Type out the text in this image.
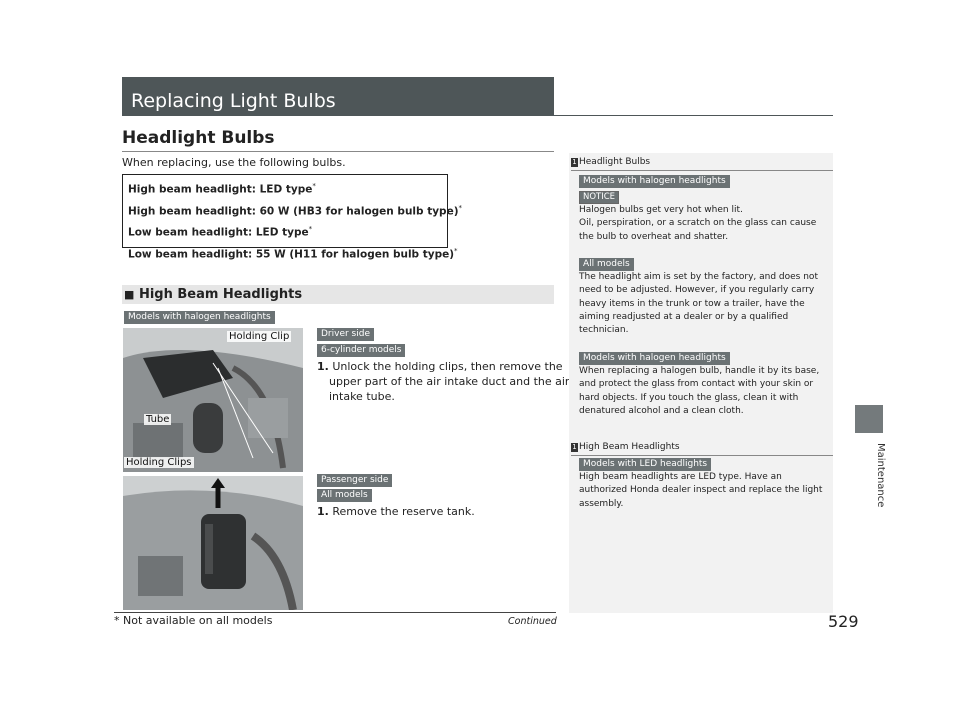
Replacing Light Bulbs
Headlight Bulbs
When replacing, use the following bulbs.
High beam headlight: LED type*
High beam headlight: 60 W (HB3 for halogen bulb type)*
Low beam headlight: LED type*
Low beam headlight: 55 W (H11 for halogen bulb type)*
■ High Beam Headlights
Models with halogen headlights
Holding Clip
Tube
Holding Clips
Driver side
6-cylinder models
1. Unlock the holding clips, then remove the
upper part of the air intake duct and the air
intake tube.
Passenger side
All models
1. Remove the reserve tank.
1 Headlight Bulbs
Models with halogen headlights
NOTICE
Halogen bulbs get very hot when lit.
Oil, perspiration, or a scratch on the glass can cause
the bulb to overheat and shatter.
All models
The headlight aim is set by the factory, and does not
need to be adjusted. However, if you regularly carry
heavy items in the trunk or tow a trailer, have the
aiming readjusted at a dealer or by a qualified
technician.
Models with halogen headlights
When replacing a halogen bulb, handle it by its base,
and protect the glass from contact with your skin or
hard objects. If you touch the glass, clean it with
denatured alcohol and a clean cloth.
1 High Beam Headlights
Models with LED headlights
High beam headlights are LED type. Have an
authorized Honda dealer inspect and replace the light
assembly.	Maintenance
* Not available on all models	Continued	529
